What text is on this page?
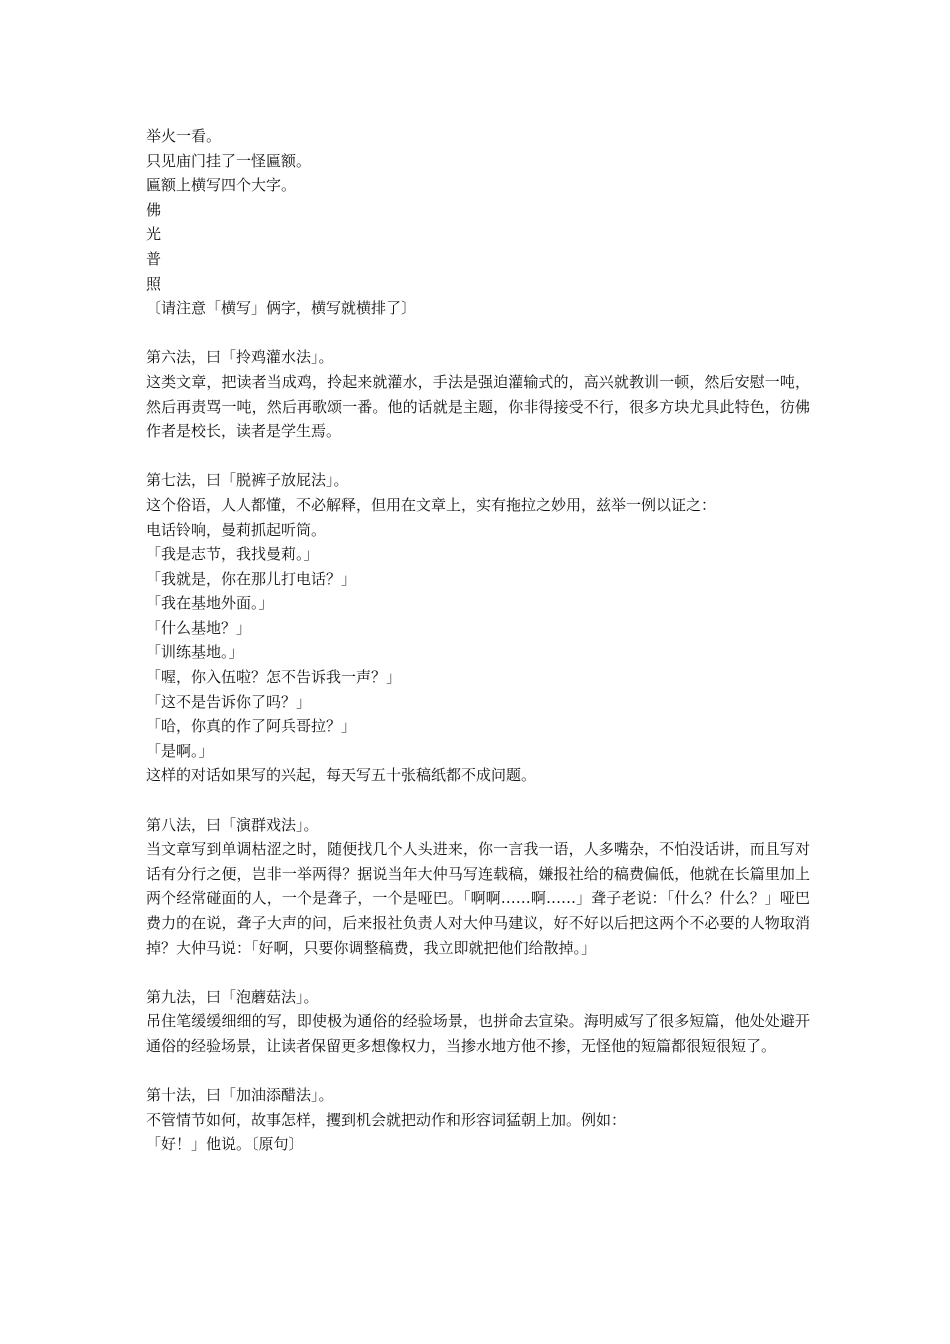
举火一看。

只见庙门挂了一怪匾额。

匾额上横写四个大字。

佛

光

普

照

〔请注意「横写」俩字，横写就横排了〕

第六法，曰「拎鸡灌水法」。

这类文章，把读者当成鸡，拎起来就灌水，手法是强迫灌输式的，高兴就教训一顿，然后安慰一吨，然后再责骂一吨，然后再歌颂一番。他的话就是主题，你非得接受不行，很多方块尤具此特色，彷佛作者是校长，读者是学生焉。

第七法，曰「脱裤子放屁法」。

这个俗语，人人都懂，不必解释，但用在文章上，实有拖拉之妙用，兹举一例以证之：

电话铃响，曼莉抓起听筒。

「我是志节，我找曼莉。」

「我就是，你在那儿打电话？」

「我在基地外面。」

「什么基地？」

「训练基地。」

「喔，你入伍啦？怎不告诉我一声？」

「这不是告诉你了吗？」

「哈，你真的作了阿兵哥拉？」

「是啊。」

这样的对话如果写的兴起，每天写五十张稿纸都不成问题。

第八法，曰「演群戏法」。

当文章写到单调枯涩之时，随便找几个人头进来，你一言我一语，人多嘴杂，不怕没话讲，而且写对话有分行之便，岂非一举两得？据说当年大仲马写连载稿，嫌报社给的稿费偏低，他就在长篇里加上两个经常碰面的人，一个是聋子，一个是哑巴。「啊啊……啊……」聋子老说：「什么？什么？」哑巴费力的在说，聋子大声的问，后来报社负责人对大仲马建议，好不好以后把这两个不必要的人物取消掉？大仲马说：「好啊，只要你调整稿费，我立即就把他们给散掉。」

第九法，曰「泡蘑菇法」。

吊住笔缓缓细细的写，即使极为通俗的经验场景，也拼命去宣染。海明威写了很多短篇，他处处避开通俗的经验场景，让读者保留更多想像权力，当掺水地方他不掺，无怪他的短篇都很短很短了。

第十法，曰「加油添醋法」。

不管情节如何，故事怎样，攫到机会就把动作和形容词猛朝上加。例如：

「好！」他说。〔原句〕
